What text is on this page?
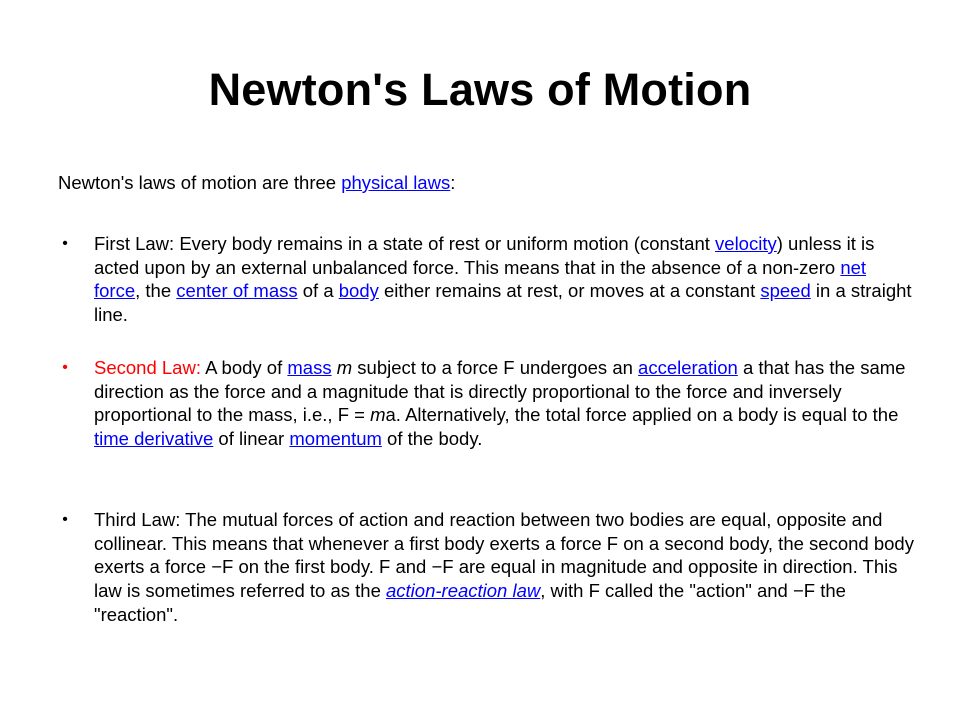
Newton's Laws of Motion

Newton's laws of motion are three physical laws:

• First Law: Every body remains in a state of rest or uniform motion (constant velocity) unless it is acted upon by an external unbalanced force. This means that in the absence of a non-zero net force, the center of mass of a body either remains at rest, or moves at a constant speed in a straight line.

• Second Law: A body of mass m subject to a force F undergoes an acceleration a that has the same direction as the force and a magnitude that is directly proportional to the force and inversely proportional to the mass, i.e., F = ma. Alternatively, the total force applied on a body is equal to the time derivative of linear momentum of the body.

• Third Law: The mutual forces of action and reaction between two bodies are equal, opposite and collinear. This means that whenever a first body exerts a force F on a second body, the second body exerts a force −F on the first body. F and −F are equal in magnitude and opposite in direction. This law is sometimes referred to as the action-reaction law, with F called the "action" and −F the "reaction".
